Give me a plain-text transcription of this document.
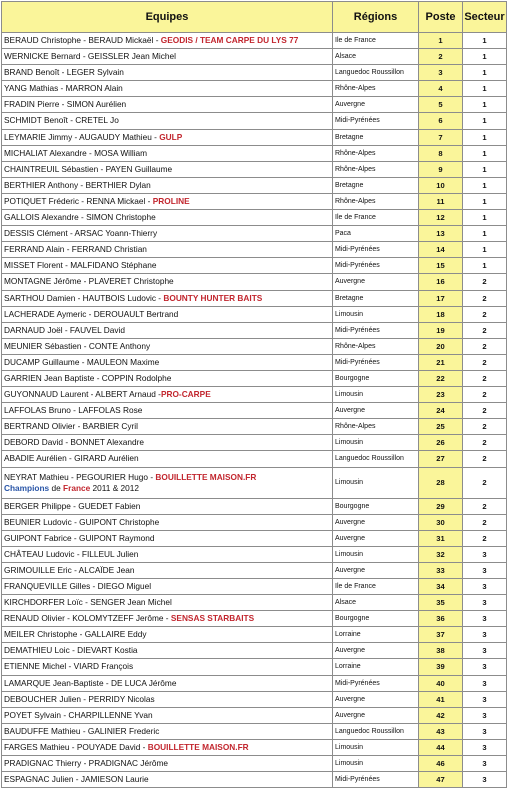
Equipes	Régions	Poste	Secteur

BERAUD Christophe - BERAUD Mickaël - GEODIS / TEAM CARPE DU LYS 77	Ile de France	1	1

WERNICKE Bernard - GEISSLER Jean Michel	Alsace	2	1

BRAND Benoît - LEGER Sylvain	Languedoc Roussillon	3	1

YANG Mathias - MARRON Alain	Rhône-Alpes	4	1

FRADIN Pierre - SIMON Aurélien	Auvergne	5	1

SCHMIDT Benoît - CRETEL Jo	Midi-Pyrénées	6	1

LEYMARIE Jimmy - AUGAUDY Mathieu - GULP	Bretagne	7	1

MICHALIAT Alexandre - MOSA William	Rhône-Alpes	8	1

CHAINTREUIL Sébastien - PAYEN Guillaume	Rhône-Alpes	9	1

BERTHIER Anthony - BERTHIER Dylan	Bretagne	10	1

POTIQUET Fréderic - RENNA Mickael - PROLINE	Rhône-Alpes	11	1

GALLOIS Alexandre - SIMON Christophe	Ile de France	12	1

DESSIS Clément - ARSAC Yoann-Thierry	Paca	13	1

FERRAND Alain - FERRAND Christian	Midi-Pyrénées	14	1

MISSET Florent - MALFIDANO Stéphane	Midi-Pyrénées	15	1

MONTAGNE Jérôme - PLAVERET Christophe	Auvergne	16	2

SARTHOU Damien - HAUTBOIS Ludovic - BOUNTY HUNTER BAITS	Bretagne	17	2

LACHERADE Aymeric - DEROUAULT Bertrand	Limousin	18	2

DARNAUD Joël - FAUVEL David	Midi-Pyrénées	19	2

MEUNIER Sébastien - CONTE Anthony	Rhône-Alpes	20	2

DUCAMP Guillaume - MAULEON Maxime	Midi-Pyrénées	21	2

GARRIEN Jean Baptiste - COPPIN Rodolphe	Bourgogne	22	2

GUYONNAUD Laurent - ALBERT Arnaud -PRO-CARPE	Limousin	23	2

LAFFOLAS Bruno - LAFFOLAS Rose	Auvergne	24	2

BERTRAND Olivier - BARBIER Cyril	Rhône-Alpes	25	2

DEBORD David - BONNET Alexandre	Limousin	26	2

ABADIE Aurélien - GIRARD Aurélien	Languedoc Roussillon	27	2

NEYRAT Mathieu - PEGOURIER Hugo - BOUILLETTE MAISON.FR
Champions de France 2011 & 2012	Limousin	28	2

BERGER Philippe - GUEDET Fabien	Bourgogne	29	2

BEUNIER Ludovic - GUIPONT Christophe	Auvergne	30	2

GUIPONT Fabrice - GUIPONT Raymond	Auvergne	31	2

CHÂTEAU Ludovic - FILLEUL Julien	Limousin	32	3

GRIMOUILLE Eric - ALCAÏDE Jean	Auvergne	33	3

FRANQUEVILLE Gilles - DIEGO Miguel	Ile de France	34	3

KIRCHDORFER Loïc - SENGER Jean Michel	Alsace	35	3

RENAUD Olivier - KOLOMYTZEFF Jerôme - SENSAS STARBAITS	Bourgogne	36	3

MEILER Christophe - GALLAIRE Eddy	Lorraine	37	3

DEMATHIEU Loic - DIEVART Kostia	Auvergne	38	3

ETIENNE Michel - VIARD François	Lorraine	39	3

LAMARQUE Jean-Baptiste - DE LUCA Jérôme	Midi-Pyrénées	40	3

DEBOUCHER Julien - PERRIDY Nicolas	Auvergne	41	3

POYET Sylvain - CHARPILLENNE Yvan	Auvergne	42	3

BAUDUFFE Mathieu - GALINIER Frederic	Languedoc Roussillon	43	3

FARGES Mathieu - POUYADE David - BOUILLETTE MAISON.FR	Limousin	44	3

PRADIGNAC Thierry - PRADIGNAC Jérôme	Limousin	46	3

ESPAGNAC Julien - JAMIESON Laurie	Midi-Pyrénées	47	3
